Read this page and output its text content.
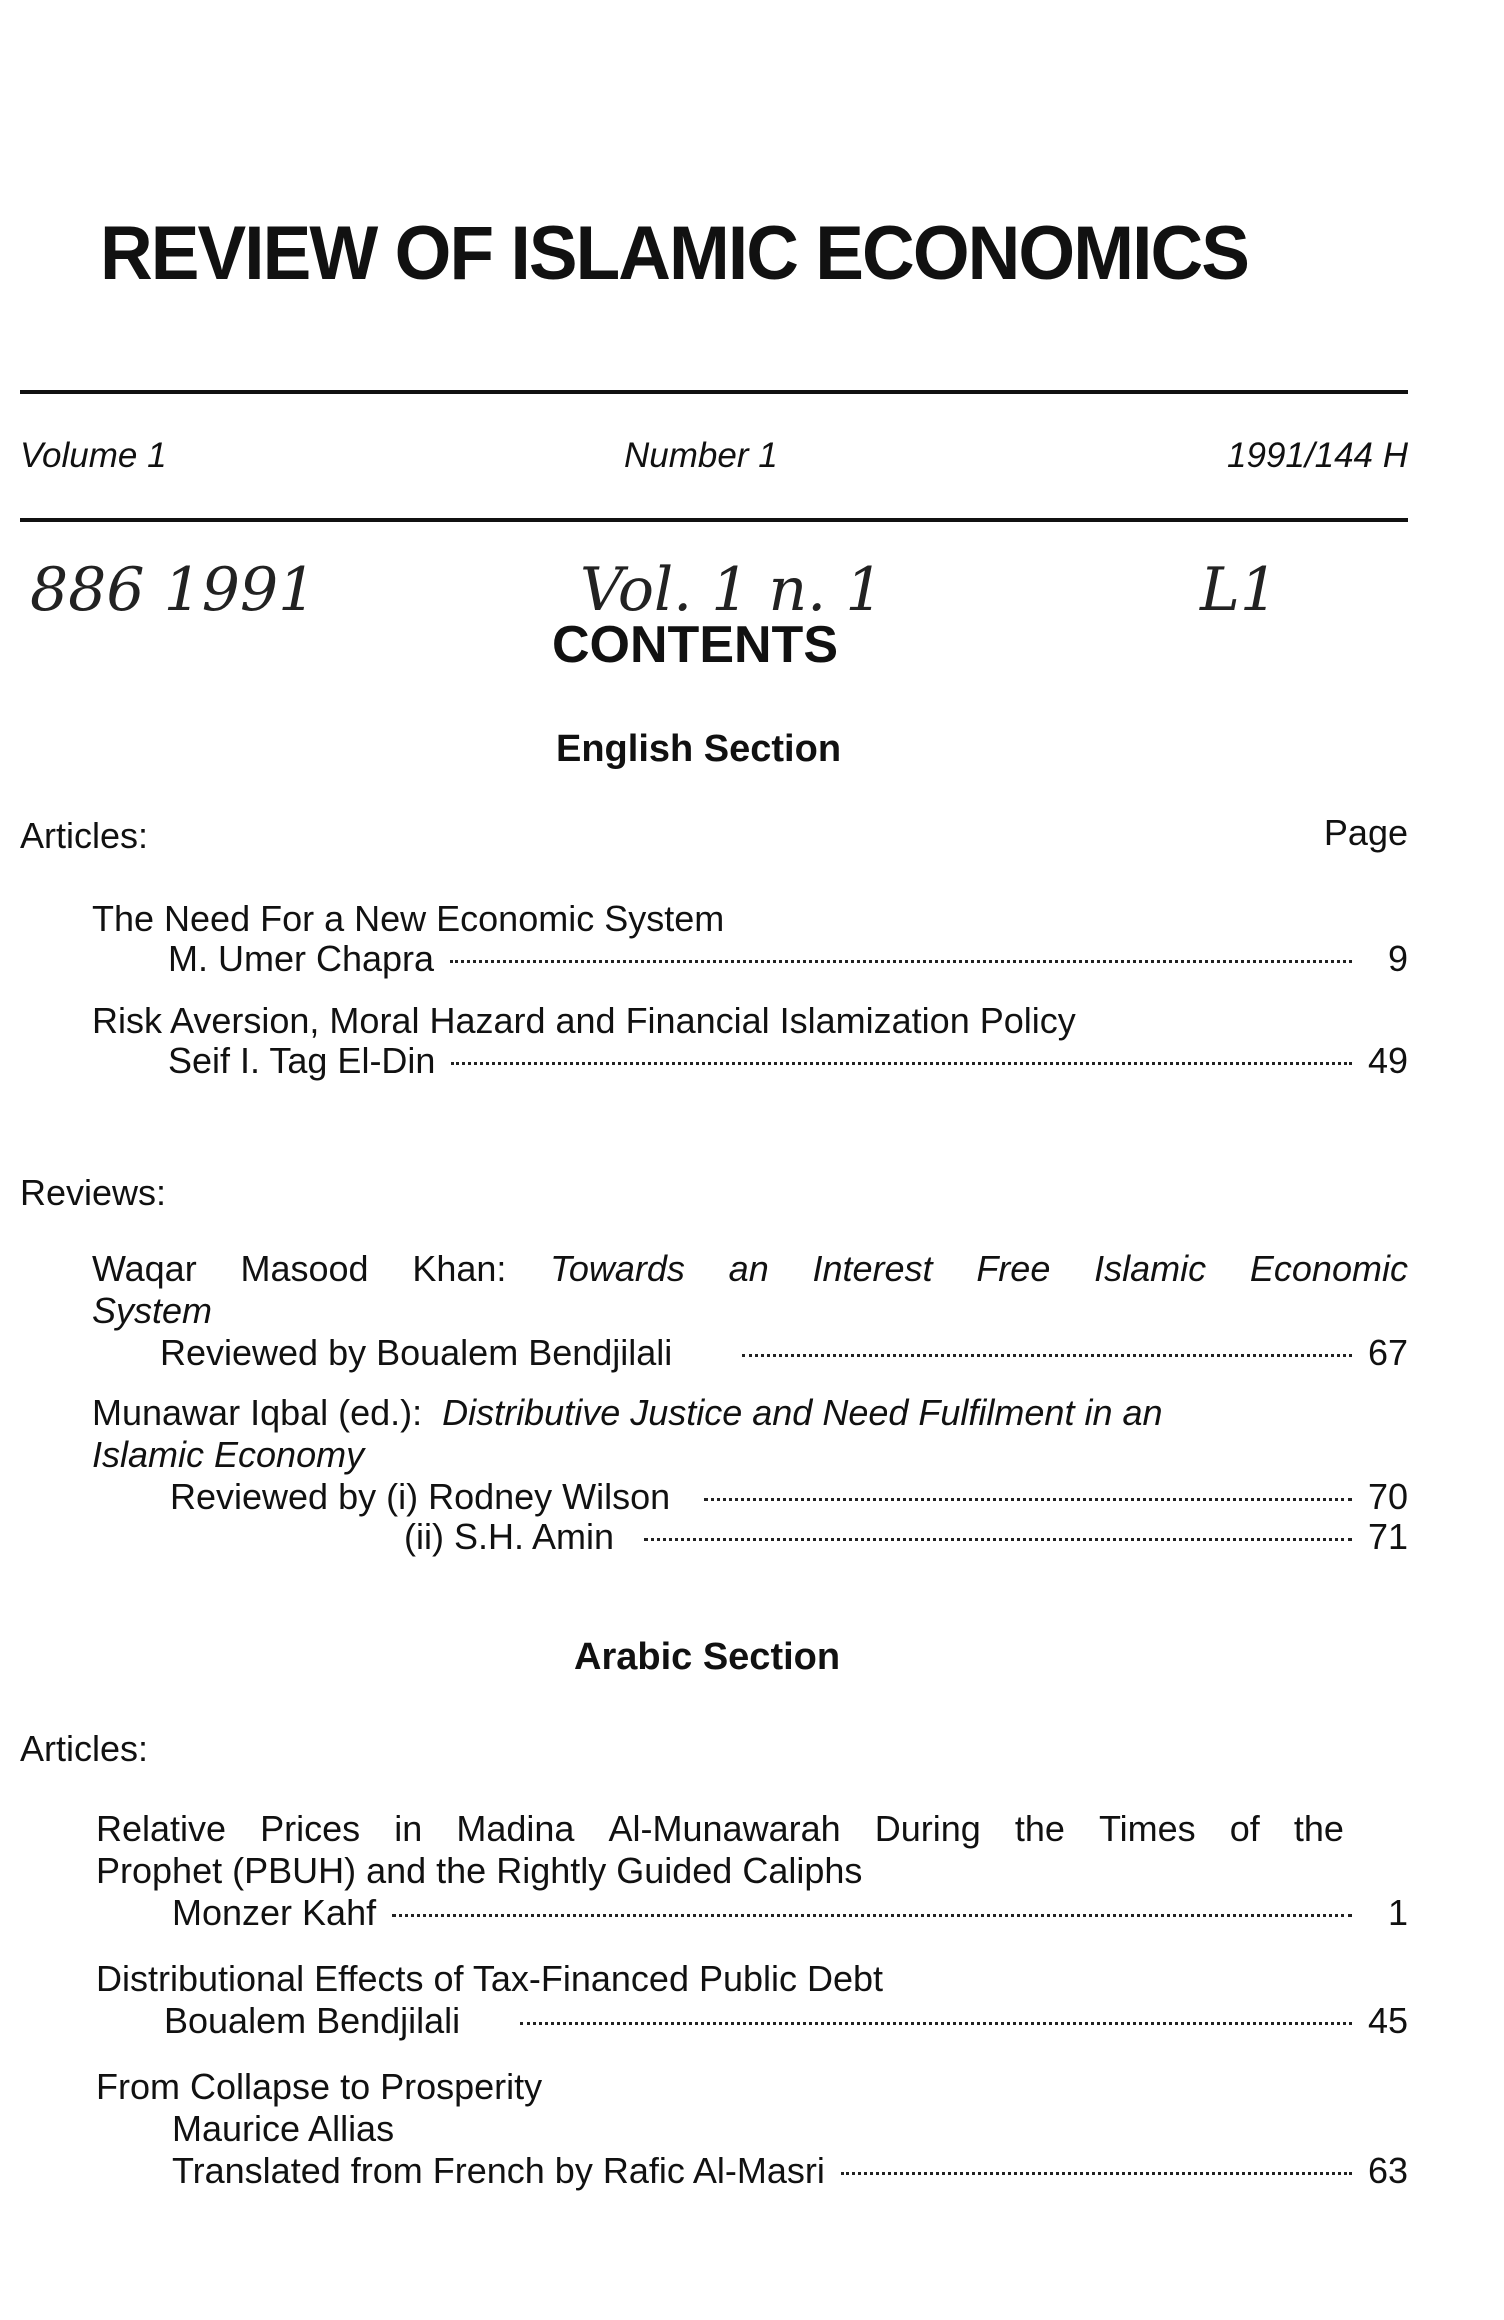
REVIEW OF ISLAMIC ECONOMICS
Volume 1	Number 1	1991/144 H
886 1991	Vol. 1 n. 1	L1
CONTENTS
English Section
Articles:	Page
The Need For a New Economic System
M. Umer Chapra	9
Risk Aversion, Moral Hazard and Financial Islamization Policy
Seif I. Tag El-Din	49
Reviews:
Waqar Masood Khan: Towards an Interest Free Islamic Economic
System
Reviewed by Boualem Bendjilali	67
Munawar Iqbal (ed.): Distributive Justice and Need Fulfilment in an
Islamic Economy
Reviewed by (i) Rodney Wilson	70
(ii) S.H. Amin	71
Arabic Section
Articles:
Relative Prices in Madina Al-Munawarah During the Times of the
Prophet (PBUH) and the Rightly Guided Caliphs
Monzer Kahf	1
Distributional Effects of Tax-Financed Public Debt
Boualem Bendjilali	45
From Collapse to Prosperity
Maurice Allias
Translated from French by Rafic Al-Masri	63
